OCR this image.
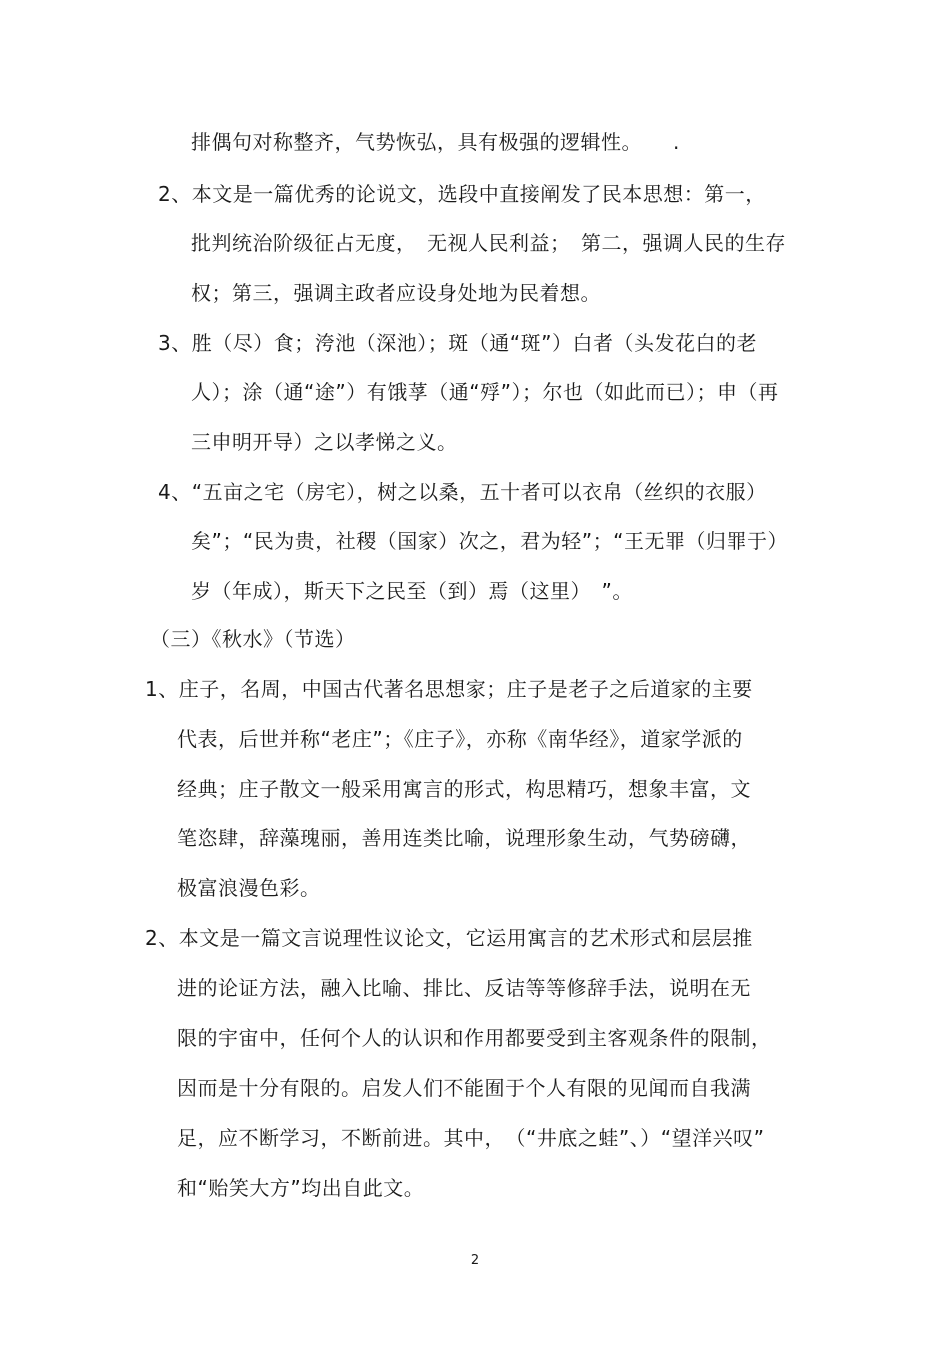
排偶句对称整齐，气势恢弘，具有极强的逻辑性。　　.
2、本文是一篇优秀的论说文，选段中直接阐发了民本思想：第一，
批判统治阶级征占无度，　无视人民利益；　第二，强调人民的生存
权；第三，强调主政者应设身处地为民着想。
3、胜（尽）食；洿池（深池）；斑（通“斑”）白者（头发花白的老
人）；涂（通“途”）有饿莩（通“殍”）；尔也（如此而已）；申（再
三申明开导）之以孝悌之义。
4、“五亩之宅（房宅），树之以桑，五十者可以衣帛（丝织的衣服）
矣”；“民为贵，社稷（国家）次之，君为轻”；“王无罪（归罪于）
岁（年成），斯天下之民至（到）焉（这里）　”。
（三）《秋水》（节选）
1、庄子，名周，中国古代著名思想家；庄子是老子之后道家的主要
代表，后世并称“老庄”；《庄子》，亦称《南华经》，道家学派的
经典；庄子散文一般采用寓言的形式，构思精巧，想象丰富，文
笔恣肆，辞藻瑰丽，善用连类比喻，说理形象生动，气势磅礴，
极富浪漫色彩。
2、本文是一篇文言说理性议论文，它运用寓言的艺术形式和层层推
进的论证方法，融入比喻、排比、反诘等等修辞手法，说明在无
限的宇宙中，任何个人的认识和作用都要受到主客观条件的限制，
因而是十分有限的。启发人们不能囿于个人有限的见闻而自我满
足，应不断学习，不断前进。其中，　（“井底之蛙”、）“望洋兴叹”
和“贻笑大方”均出自此文。
2
